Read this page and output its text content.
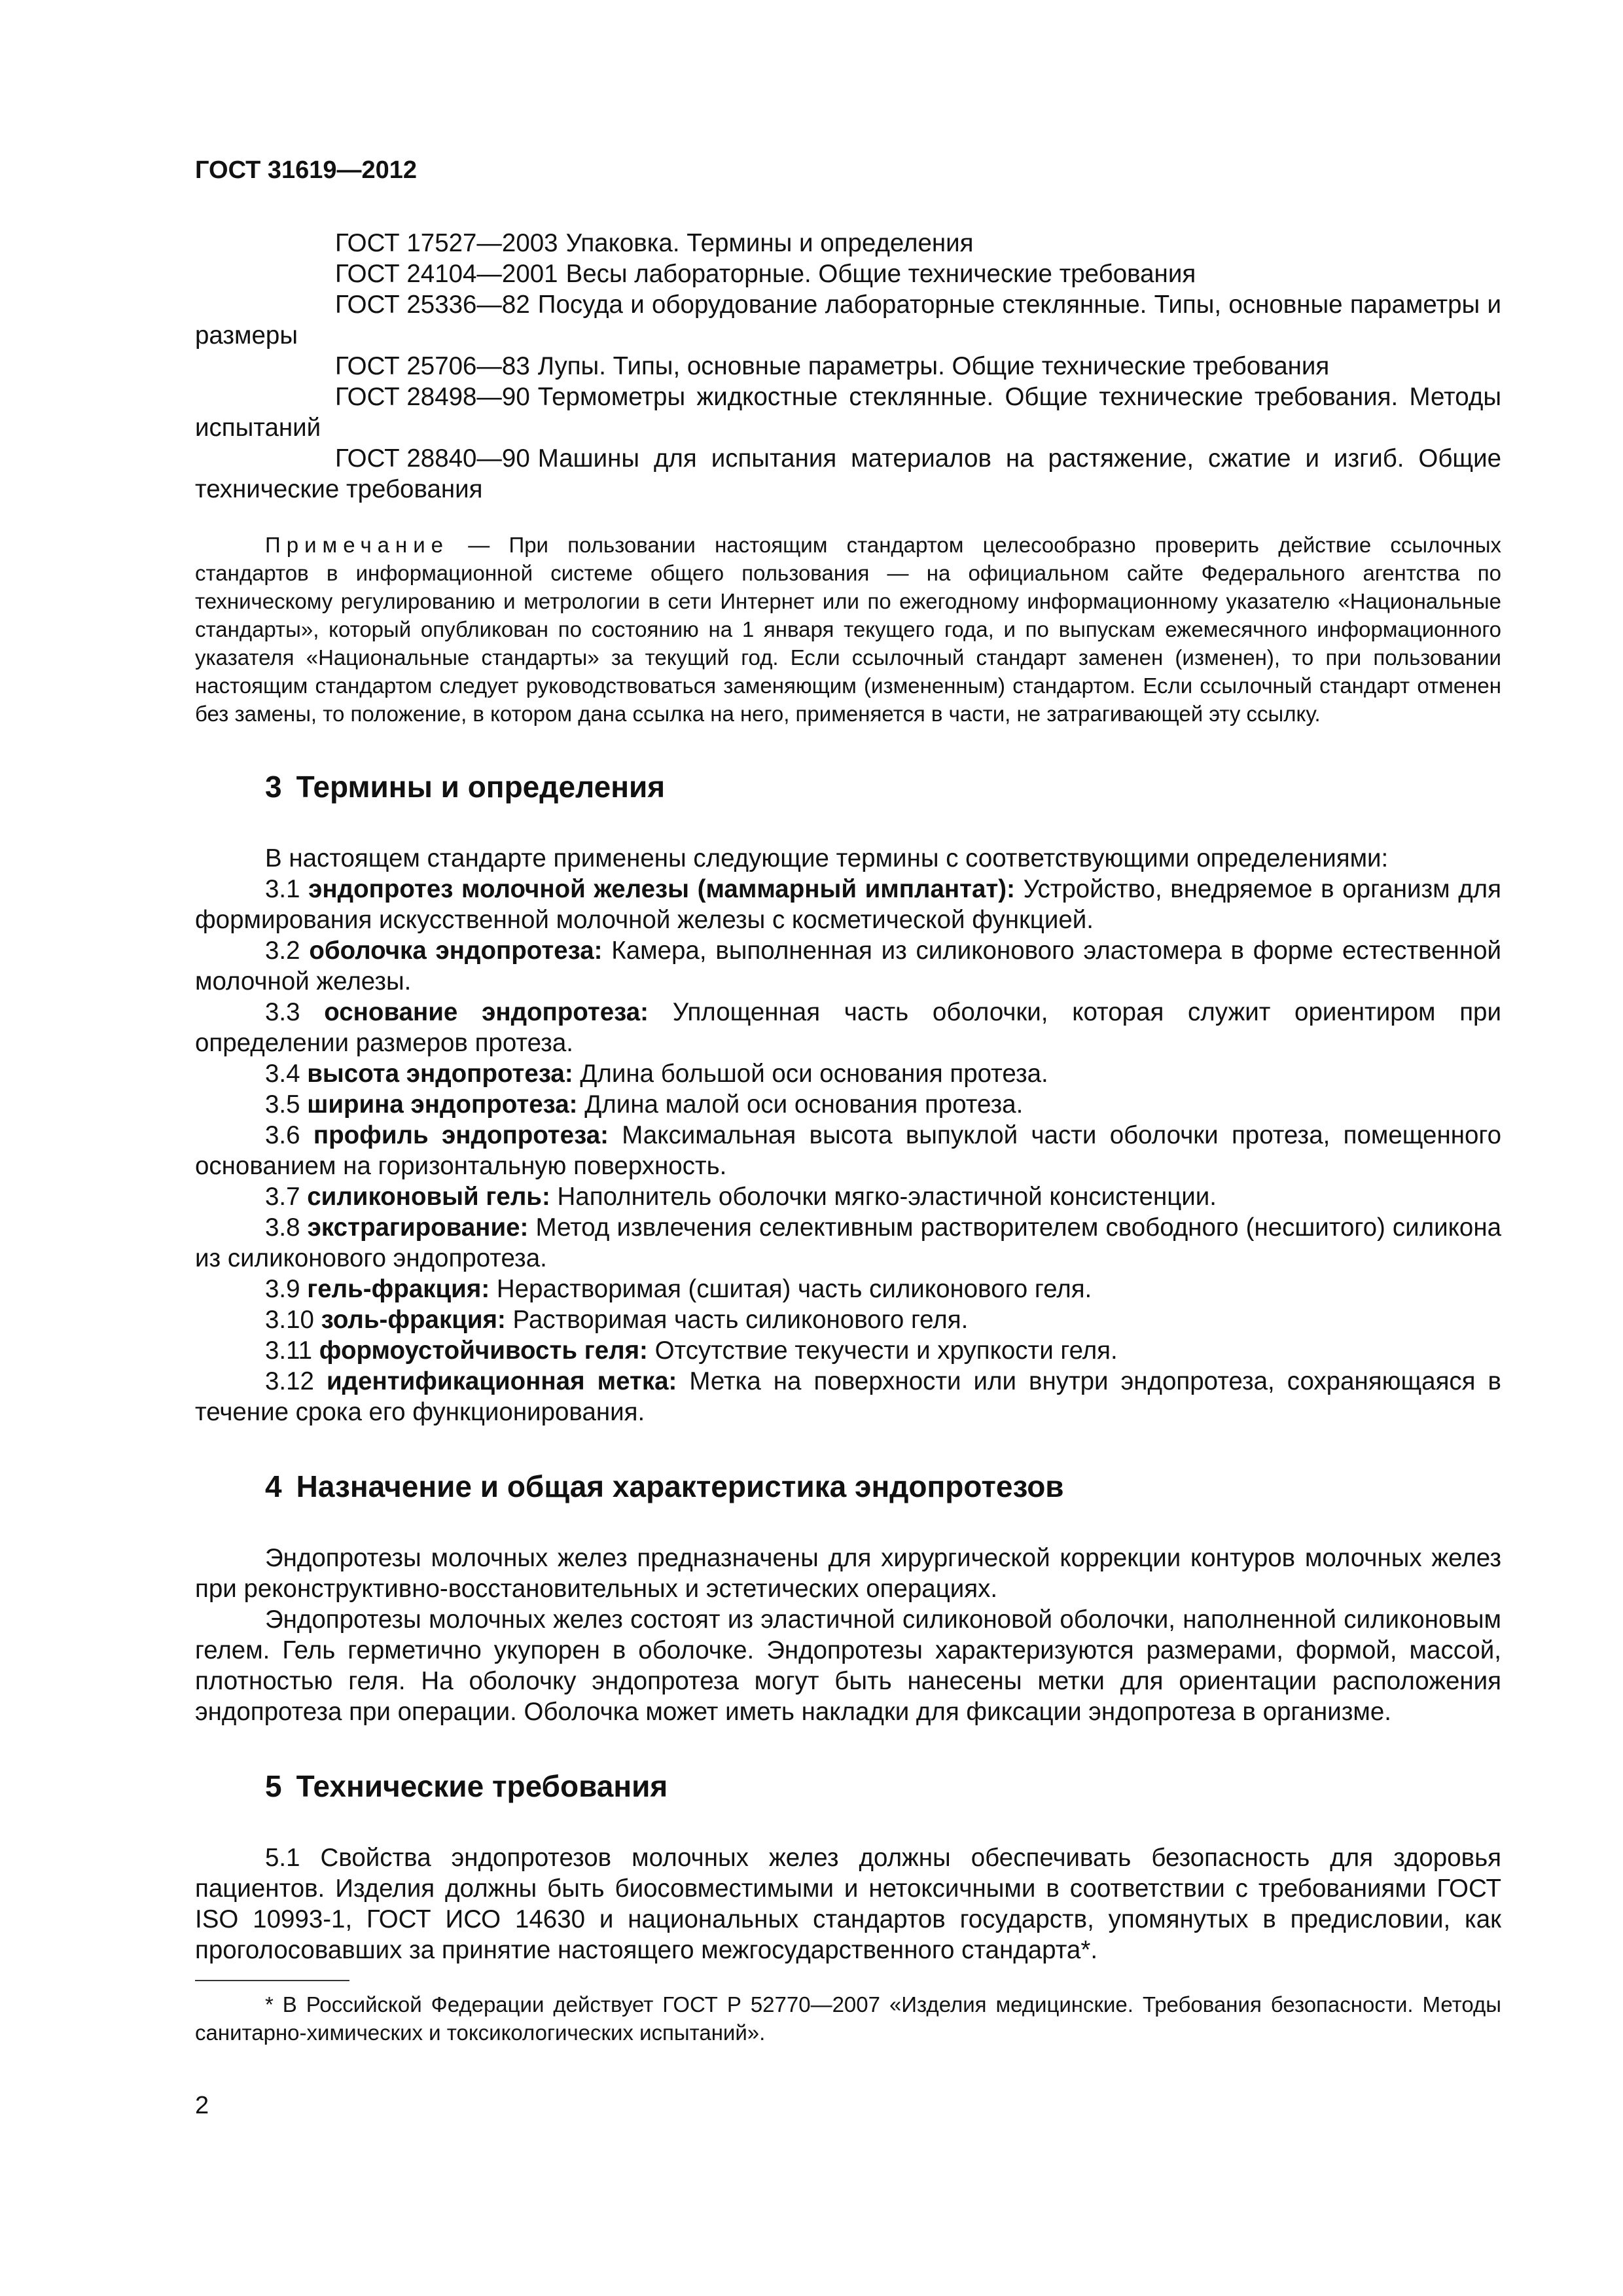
ГОСТ 31619—2012

ГОСТ 17527—2003 Упаковка. Термины и определения

ГОСТ 24104—2001 Весы лабораторные. Общие технические требования

ГОСТ 25336—82 Посуда и оборудование лабораторные стеклянные. Типы, основные параметры и размеры

ГОСТ 25706—83 Лупы. Типы, основные параметры. Общие технические требования

ГОСТ 28498—90 Термометры жидкостные стеклянные. Общие технические требования. Методы испытаний

ГОСТ 28840—90 Машины для испытания материалов на растяжение, сжатие и изгиб. Общие технические требования

Примечание — При пользовании настоящим стандартом целесообразно проверить действие ссылочных стандартов в информационной системе общего пользования — на официальном сайте Федерального агентства по техническому регулированию и метрологии в сети Интернет или по ежегодному информационному указателю «Национальные стандарты», который опубликован по состоянию на 1 января текущего года, и по выпускам ежемесячного информационного указателя «Национальные стандарты» за текущий год. Если ссылочный стандарт заменен (изменен), то при пользовании настоящим стандартом следует руководствоваться заменяющим (измененным) стандартом. Если ссылочный стандарт отменен без замены, то положение, в котором дана ссылка на него, применяется в части, не затрагивающей эту ссылку.

3 Термины и определения

В настоящем стандарте применены следующие термины с соответствующими определениями:

3.1 эндопротез молочной железы (маммарный имплантат): Устройство, внедряемое в организм для формирования искусственной молочной железы с косметической функцией.

3.2 оболочка эндопротеза: Камера, выполненная из силиконового эластомера в форме естественной молочной железы.

3.3 основание эндопротеза: Уплощенная часть оболочки, которая служит ориентиром при определении размеров протеза.

3.4 высота эндопротеза: Длина большой оси основания протеза.

3.5 ширина эндопротеза: Длина малой оси основания протеза.

3.6 профиль эндопротеза: Максимальная высота выпуклой части оболочки протеза, помещенного основанием на горизонтальную поверхность.

3.7 силиконовый гель: Наполнитель оболочки мягко-эластичной консистенции.

3.8 экстрагирование: Метод извлечения селективным растворителем свободного (несшитого) силикона из силиконового эндопротеза.

3.9 гель-фракция: Нерастворимая (сшитая) часть силиконового геля.

3.10 золь-фракция: Растворимая часть силиконового геля.

3.11 формоустойчивость геля: Отсутствие текучести и хрупкости геля.

3.12 идентификационная метка: Метка на поверхности или внутри эндопротеза, сохраняющаяся в течение срока его функционирования.

4 Назначение и общая характеристика эндопротезов

Эндопротезы молочных желез предназначены для хирургической коррекции контуров молочных желез при реконструктивно-восстановительных и эстетических операциях.

Эндопротезы молочных желез состоят из эластичной силиконовой оболочки, наполненной силиконовым гелем. Гель герметично укупорен в оболочке. Эндопротезы характеризуются размерами, формой, массой, плотностью геля. На оболочку эндопротеза могут быть нанесены метки для ориентации расположения эндопротеза при операции. Оболочка может иметь накладки для фиксации эндопротеза в организме.

5 Технические требования

5.1 Свойства эндопротезов молочных желез должны обеспечивать безопасность для здоровья пациентов. Изделия должны быть биосовместимыми и нетоксичными в соответствии с требованиями ГОСТ ISO 10993-1, ГОСТ ИСО 14630 и национальных стандартов государств, упомянутых в предисловии, как проголосовавших за принятие настоящего межгосударственного стандарта*.

* В Российской Федерации действует ГОСТ Р 52770—2007 «Изделия медицинские. Требования безопасности. Методы санитарно-химических и токсикологических испытаний».

2
